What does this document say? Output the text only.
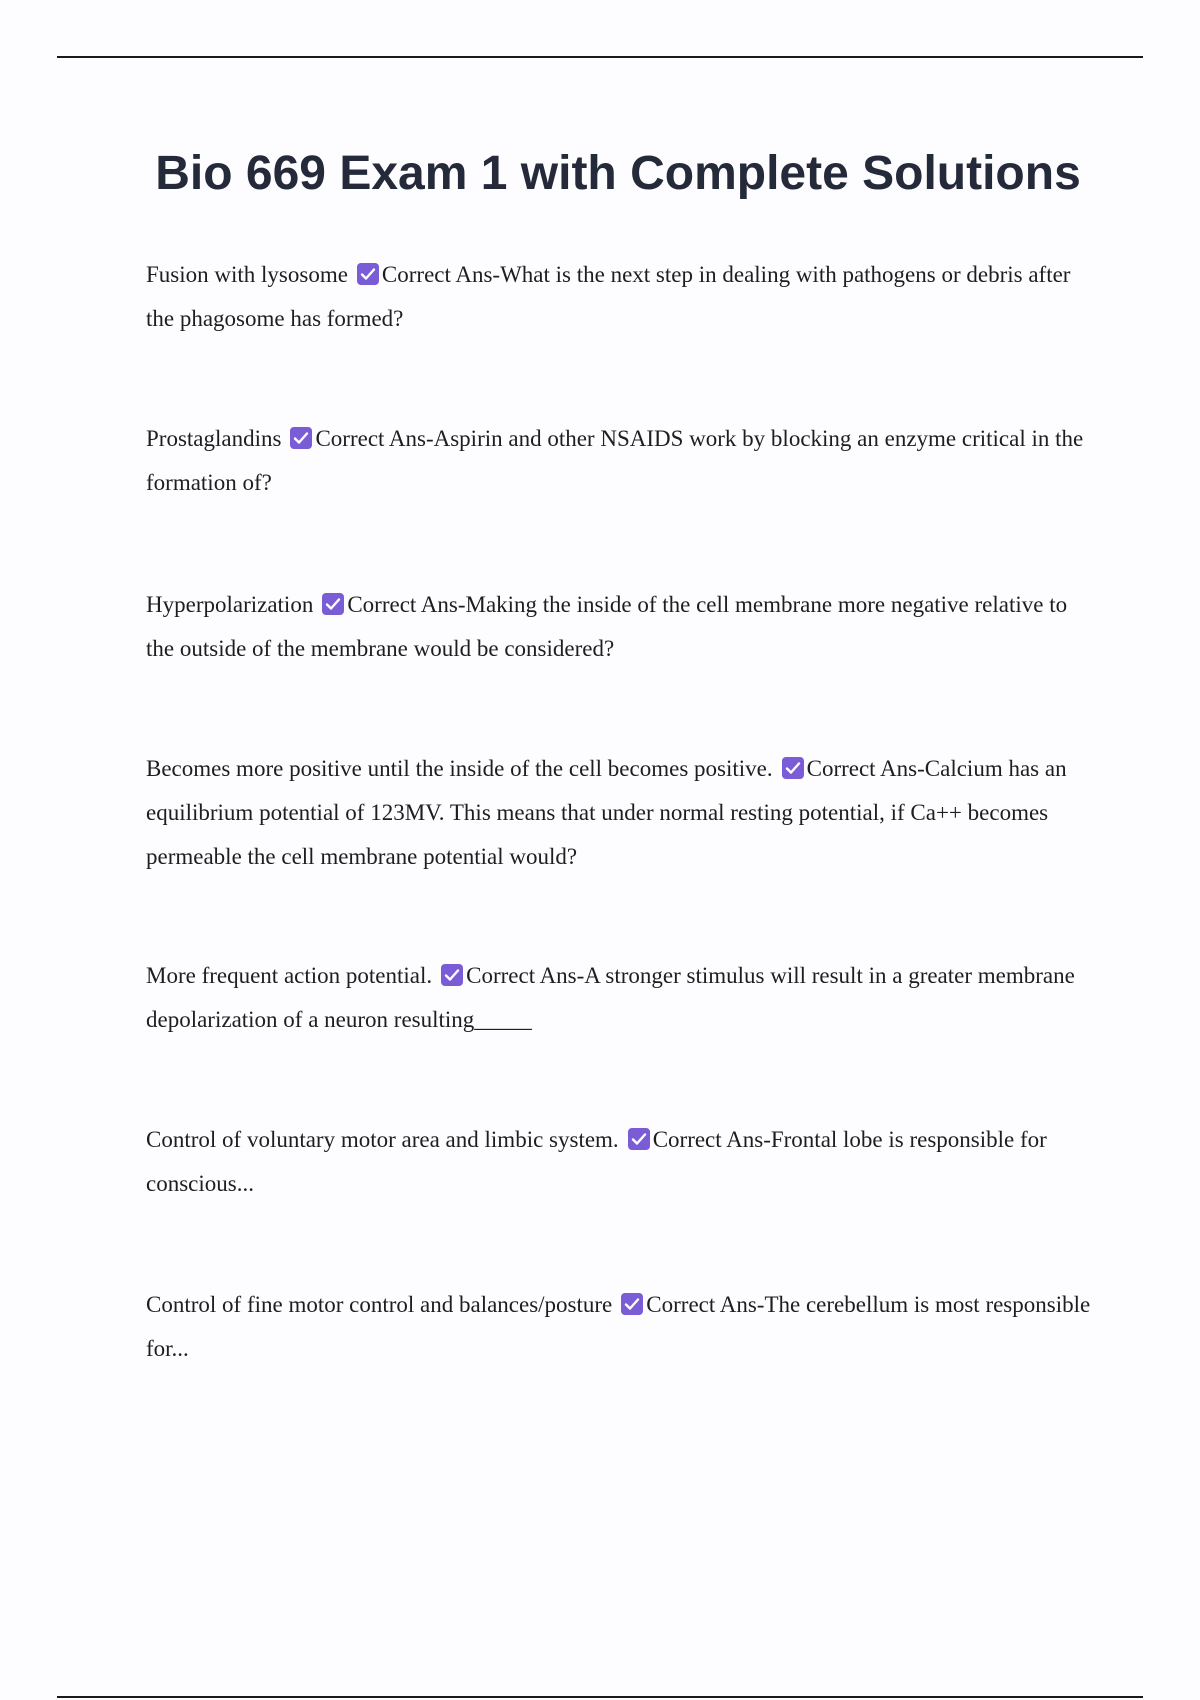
Bio 669 Exam 1 with Complete Solutions

Fusion with lysosome Correct Ans-What is the next step in dealing with pathogens or debris after the phagosome has formed?

Prostaglandins Correct Ans-Aspirin and other NSAIDS work by blocking an enzyme critical in the formation of?

Hyperpolarization Correct Ans-Making the inside of the cell membrane more negative relative to the outside of the membrane would be considered?

Becomes more positive until the inside of the cell becomes positive. Correct Ans-Calcium has an equilibrium potential of 123MV. This means that under normal resting potential, if Ca++ becomes permeable the cell membrane potential would?

More frequent action potential. Correct Ans-A stronger stimulus will result in a greater membrane depolarization of a neuron resulting_____

Control of voluntary motor area and limbic system. Correct Ans-Frontal lobe is responsible for conscious...

Control of fine motor control and balances/posture Correct Ans-The cerebellum is most responsible for...
